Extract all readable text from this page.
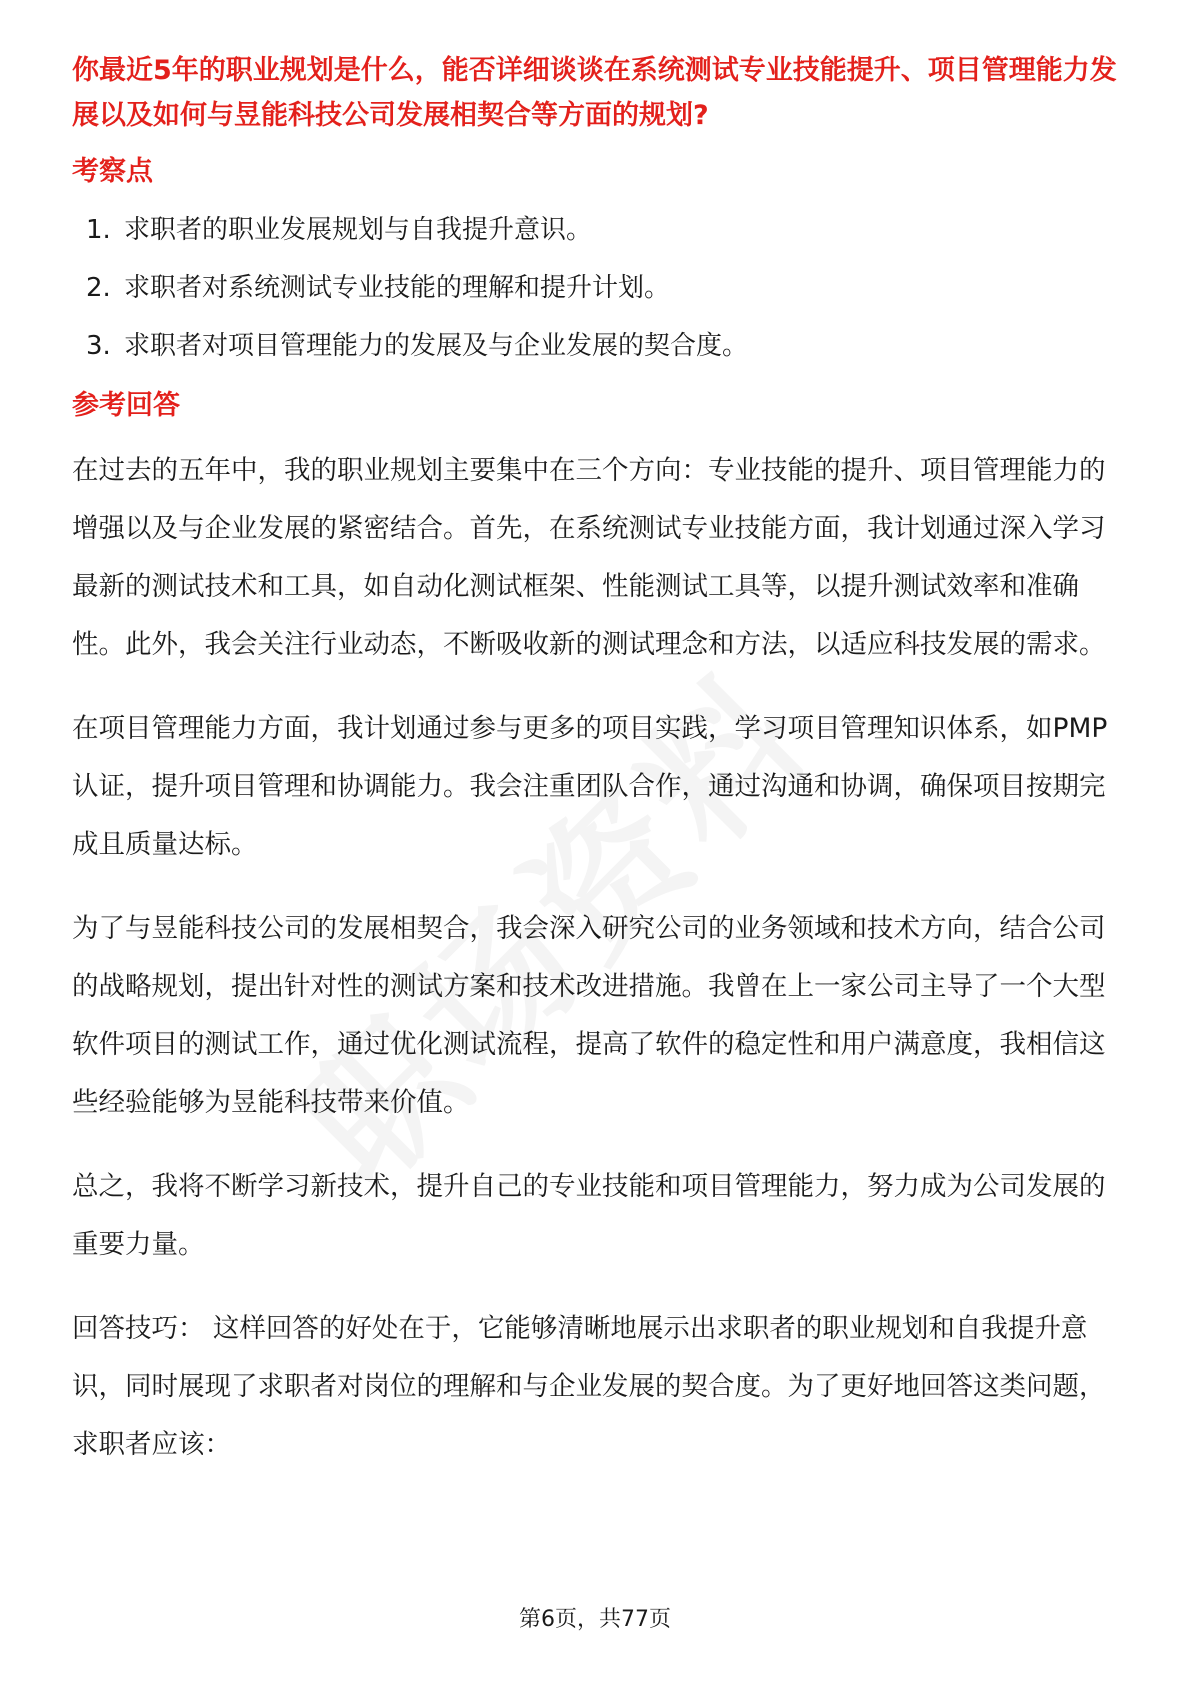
你最近5年的职业规划是什么，能否详细谈谈在系统测试专业技能提升、项目管理能力发展以及如何与昱能科技公司发展相契合等方面的规划?
考察点
1. 求职者的职业发展规划与自我提升意识。
2. 求职者对系统测试专业技能的理解和提升计划。
3. 求职者对项目管理能力的发展及与企业发展的契合度。
参考回答

在过去的五年中，我的职业规划主要集中在三个方向：专业技能的提升、项目管理能力的增强以及与企业发展的紧密结合。首先，在系统测试专业技能方面，我计划通过深入学习最新的测试技术和工具，如自动化测试框架、性能测试工具等，以提升测试效率和准确性。此外，我会关注行业动态，不断吸收新的测试理念和方法，以适应科技发展的需求。

在项目管理能力方面，我计划通过参与更多的项目实践，学习项目管理知识体系，如PMP认证，提升项目管理和协调能力。我会注重团队合作，通过沟通和协调，确保项目按期完成且质量达标。

为了与昱能科技公司的发展相契合，我会深入研究公司的业务领域和技术方向，结合公司的战略规划，提出针对性的测试方案和技术改进措施。我曾在上一家公司主导了一个大型软件项目的测试工作，通过优化测试流程，提高了软件的稳定性和用户满意度，我相信这些经验能够为昱能科技带来价值。

总之，我将不断学习新技术，提升自己的专业技能和项目管理能力，努力成为公司发展的重要力量。

回答技巧： 这样回答的好处在于，它能够清晰地展示出求职者的职业规划和自我提升意识，同时展现了求职者对岗位的理解和与企业发展的契合度。为了更好地回答这类问题，求职者应该：

第6页，共77页
